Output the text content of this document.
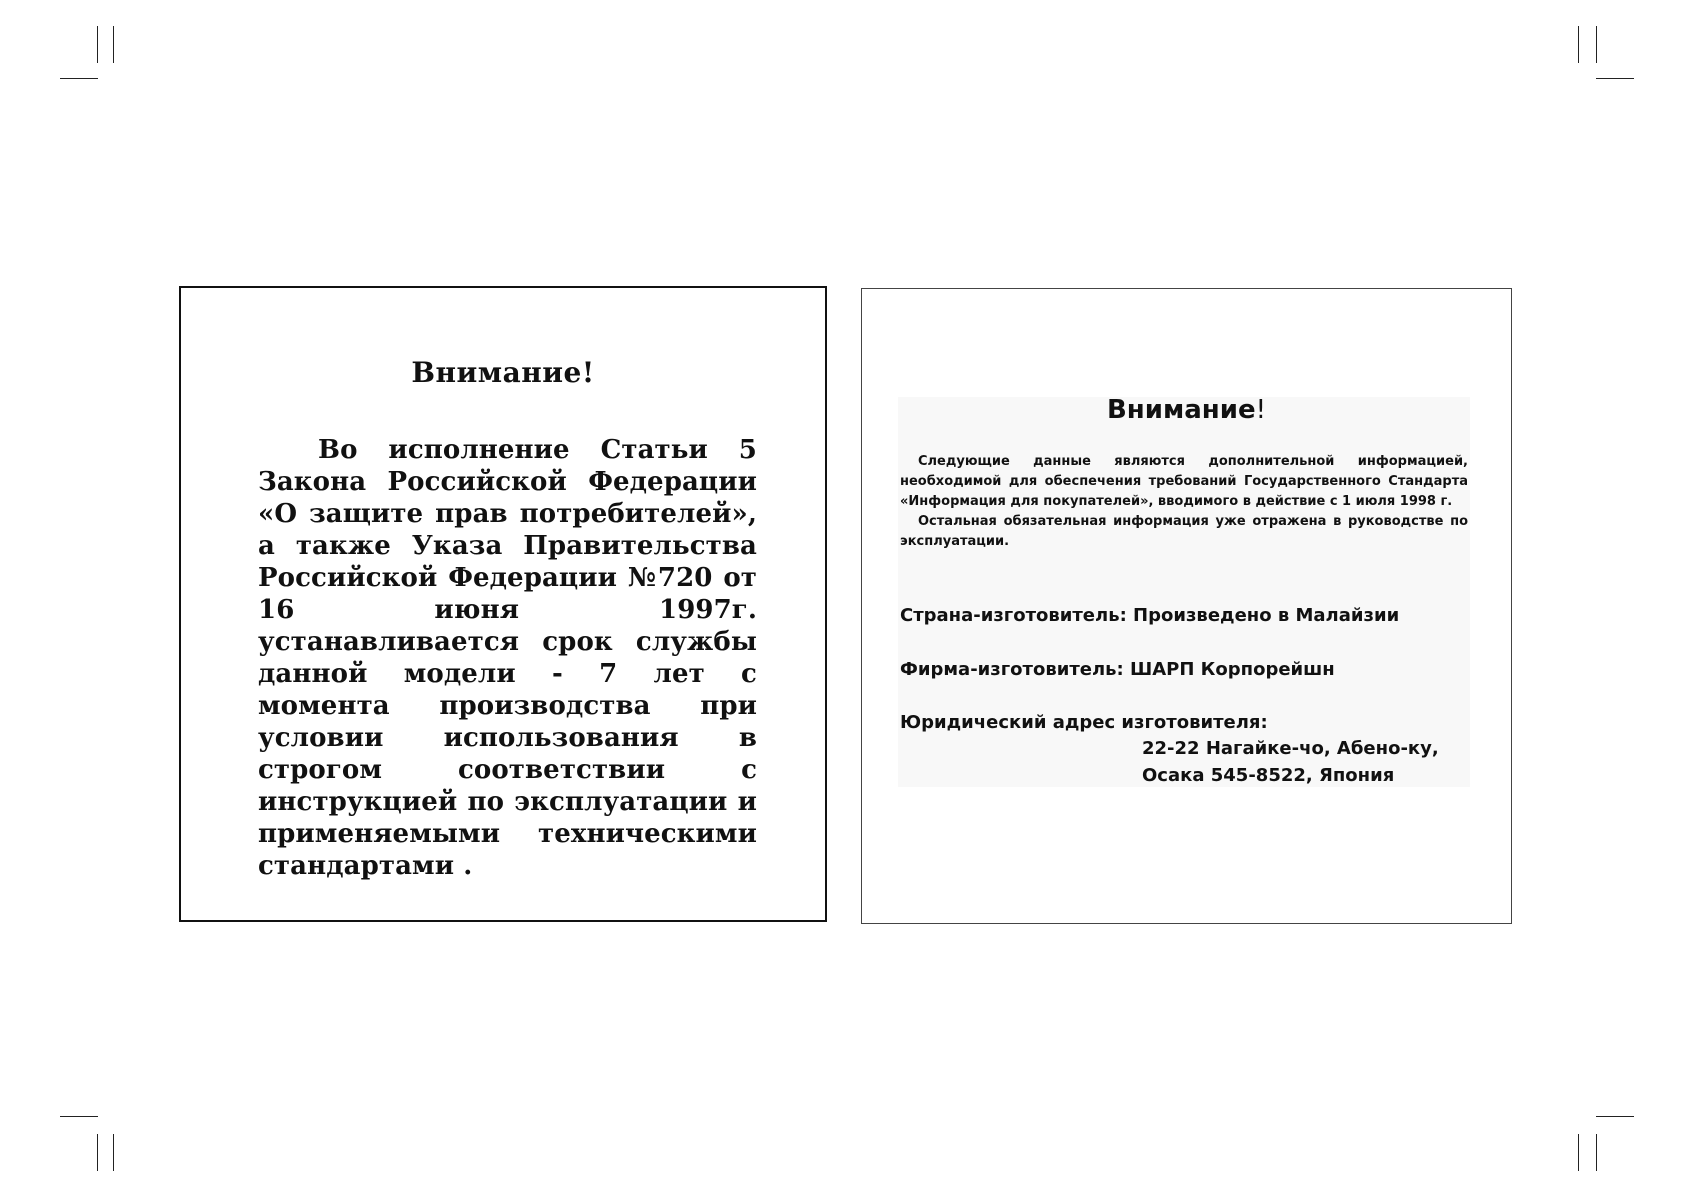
Внимание!
Во исполнение Статьи 5 Закона Российской Федерации «О защите прав потребителей», а также Указа Правительства Российской Федерации №720 от 16 июня 1997г. устанавливается срок службы данной модели - 7 лет с момента производства при условии использования в строгом соответствии с инструкцией по эксплуатации и применяемыми техническими стандартами .
Внимание!

Следующие данные являются дополнительной информацией, необходимой для обеспечения требований Государственного Стандарта «Информация для покупателей», вводимого в действие с 1 июля 1998 г.

Остальная обязательная информация уже отражена в руководстве по эксплуатации.

Страна-изготовитель: Произведено в Малайзии
Фирма-изготовитель: ШАРП Корпорейшн
Юридический адрес изготовителя:
22-22 Нагайке-чо, Абено-ку,
Осака 545-8522, Япония
